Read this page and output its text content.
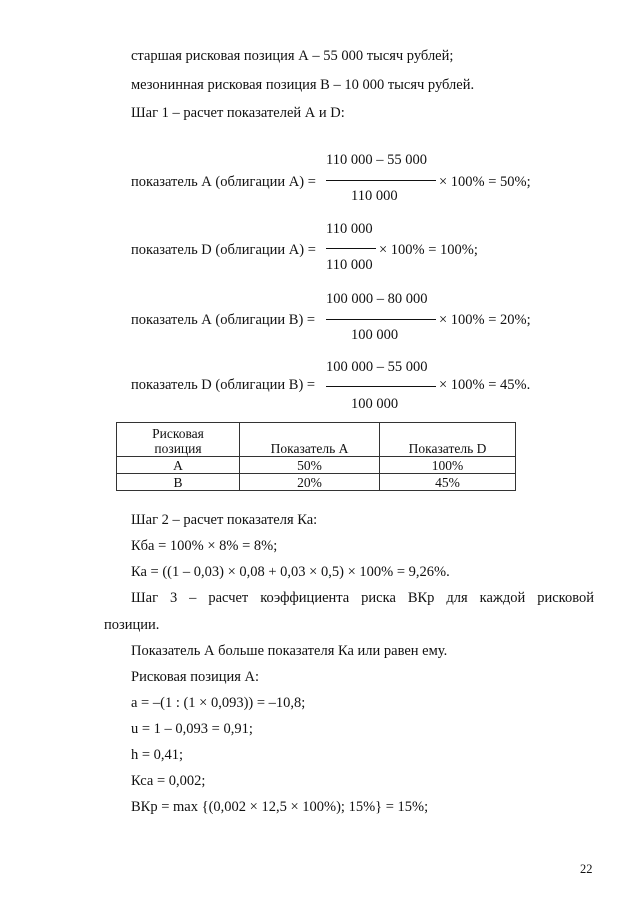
старшая рисковая позиция А – 55 000 тысяч рублей;
мезонинная рисковая позиция В – 10 000 тысяч рублей.
Шаг 1 – расчет показателей А и D:
показатель А (облигации А) =
110 000 – 55 000
110 000
× 100% = 50%;
показатель D (облигации А) =
110 000
110 000
× 100% = 100%;
показатель А (облигации В) =
100 000 – 80 000
100 000
× 100% = 20%;
показатель D (облигации В) =
100 000 – 55 000
100 000
× 100% = 45%.
Рисковая позиция	Показатель А	Показатель D
А	50%	100%
В	20%	45%
Шаг 2 – расчет показателя Ка:
Кба = 100% × 8% = 8%;
Ка = ((1 – 0,03) × 0,08 + 0,03 × 0,5) × 100% = 9,26%.
Шаг 3 – расчет коэффициента риска ВКр для каждой рисковой
позиции.
Показатель А больше показателя Ка или равен ему.
Рисковая позиция А:
a = –(1 : (1 × 0,093)) = –10,8;
u = 1 – 0,093 = 0,91;
h = 0,41;
Кса = 0,002;
ВКр = max {(0,002 × 12,5 × 100%); 15%} = 15%;
22
